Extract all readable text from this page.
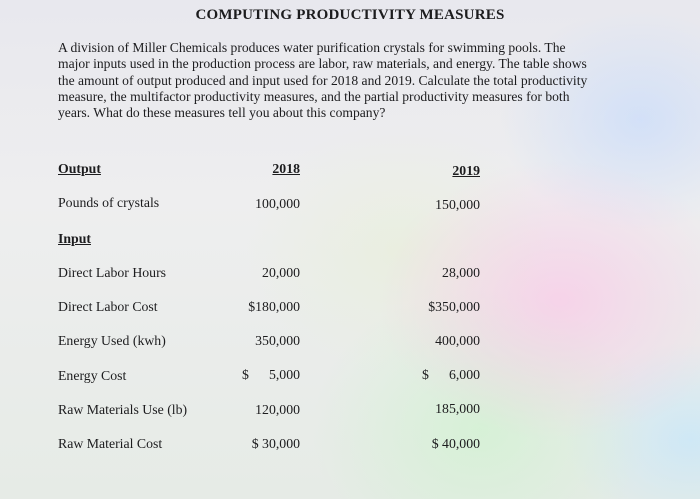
COMPUTING PRODUCTIVITY MEASURES
A division of Miller Chemicals produces water purification crystals for swimming pools. The
major inputs used in the production process are labor, raw materials, and energy. The table shows
the amount of output produced and input used for 2018 and 2019. Calculate the total productivity
measure, the multifactor productivity measures, and the partial productivity measures for both
years. What do these measures tell you about this company?
Output	2018	2019
Pounds of crystals	100,000	150,000
Input
Direct Labor Hours	20,000	28,000
Direct Labor Cost	$180,000	$350,000
Energy Used (kwh)	350,000	400,000
Energy Cost	$ 5,000	$ 6,000
Raw Materials Use (lb)	120,000	185,000
Raw Material Cost	$ 30,000	$ 40,000
